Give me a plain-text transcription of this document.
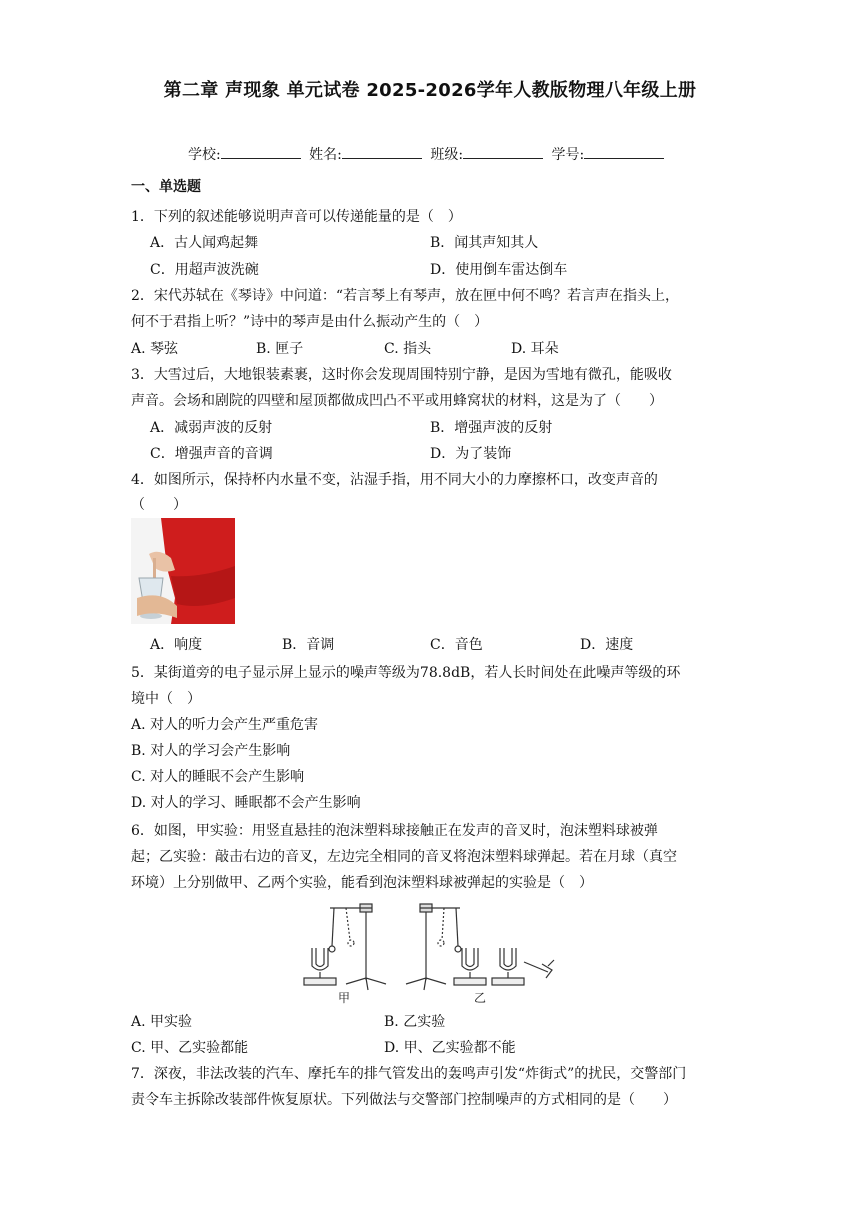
第二章 声现象 单元试卷 2025-2026学年人教版物理八年级上册
学校:	姓名:	班级:	学号:
一、单选题
1．下列的叙述能够说明声音可以传递能量的是（　）
A．古人闻鸡起舞	B．闻其声知其人
C．用超声波洗碗	D．使用倒车雷达倒车
2．宋代苏轼在《琴诗》中问道：“若言琴上有琴声，放在匣中何不鸣？若言声在指头上，
何不于君指上听？”诗中的琴声是由什么振动产生的（　）
A. 琴弦	B. 匣子	C. 指头	D. 耳朵
3．大雪过后，大地银装素裹，这时你会发现周围特别宁静，是因为雪地有微孔，能吸收
声音。会场和剧院的四壁和屋顶都做成凹凸不平或用蜂窝状的材料，这是为了（　　）
A．减弱声波的反射	B．增强声波的反射
C．增强声音的音调	D．为了装饰
4．如图所示，保持杯内水量不变，沾湿手指，用不同大小的力摩擦杯口，改变声音的
（　　）
A．响度	B．音调	C．音色	D．速度
5．某街道旁的电子显示屏上显示的噪声等级为78.8dB，若人长时间处在此噪声等级的环
境中（　）
A. 对人的听力会产生严重危害
B. 对人的学习会产生影响
C. 对人的睡眠不会产生影响
D. 对人的学习、睡眠都不会产生影响
6．如图，甲实验：用竖直悬挂的泡沫塑料球接触正在发声的音叉时，泡沫塑料球被弹
起；乙实验：敲击右边的音叉，左边完全相同的音叉将泡沫塑料球弹起。若在月球（真空
环境）上分别做甲、乙两个实验，能看到泡沫塑料球被弹起的实验是（　）
甲	乙
A. 甲实验	B. 乙实验
C. 甲、乙实验都能	D. 甲、乙实验都不能
7．深夜，非法改装的汽车、摩托车的排气管发出的轰鸣声引发“炸街式”的扰民，交警部门
责令车主拆除改装部件恢复原状。下列做法与交警部门控制噪声的方式相同的是（　　）
